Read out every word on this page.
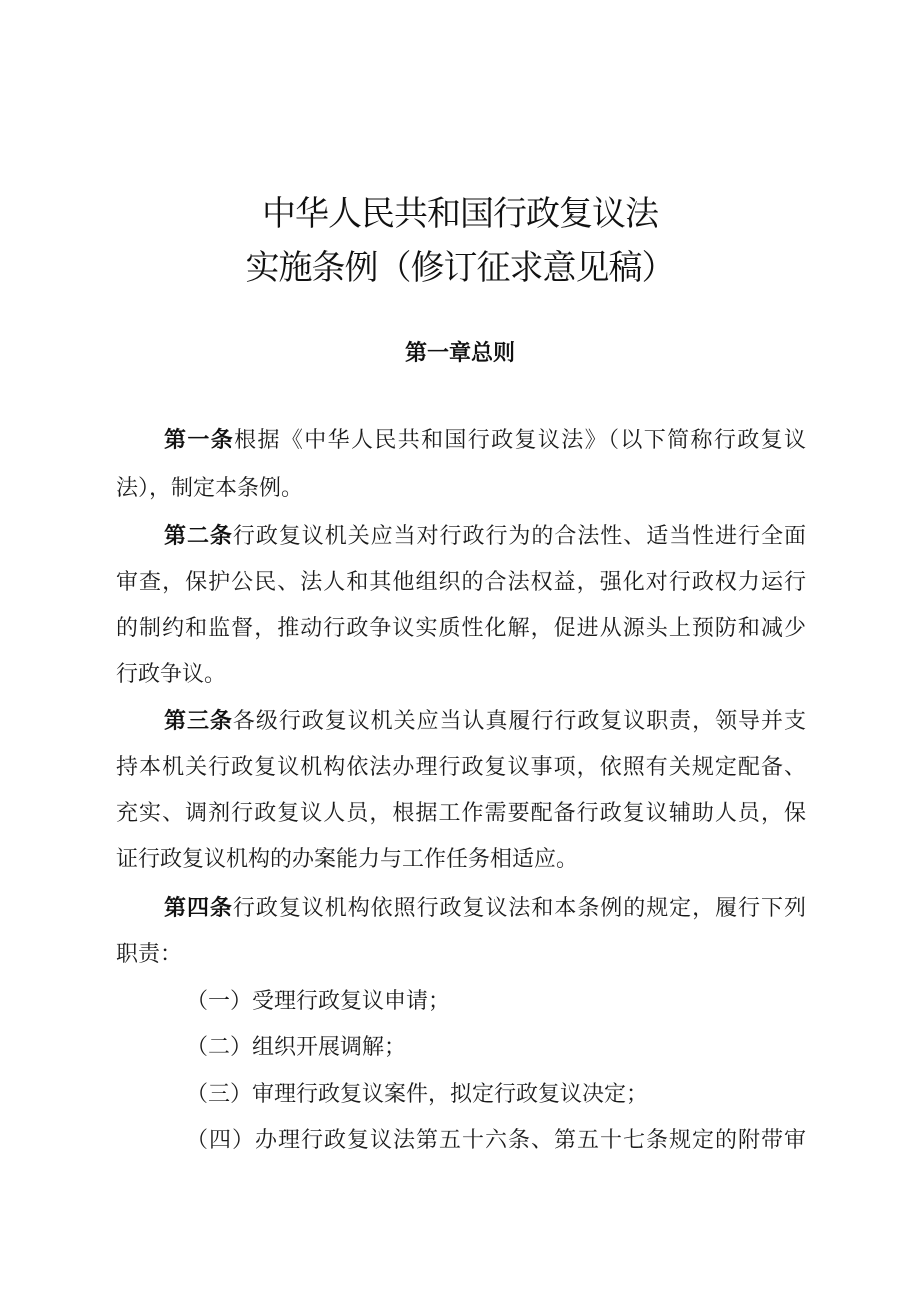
中华人民共和国行政复议法
实施条例（修订征求意见稿）
第一章总则
第一条根据《中华人民共和国行政复议法》（以下简称行政复议
法），制定本条例。
第二条行政复议机关应当对行政行为的合法性、适当性进行全面
审查，保护公民、法人和其他组织的合法权益，强化对行政权力运行
的制约和监督，推动行政争议实质性化解，促进从源头上预防和减少
行政争议。
第三条各级行政复议机关应当认真履行行政复议职责，领导并支
持本机关行政复议机构依法办理行政复议事项，依照有关规定配备、
充实、调剂行政复议人员，根据工作需要配备行政复议辅助人员，保
证行政复议机构的办案能力与工作任务相适应。
第四条行政复议机构依照行政复议法和本条例的规定，履行下列
职责：
（一）受理行政复议申请；
（二）组织开展调解；
（三）审理行政复议案件，拟定行政复议决定；
（四）办理行政复议法第五十六条、第五十七条规定的附带审
